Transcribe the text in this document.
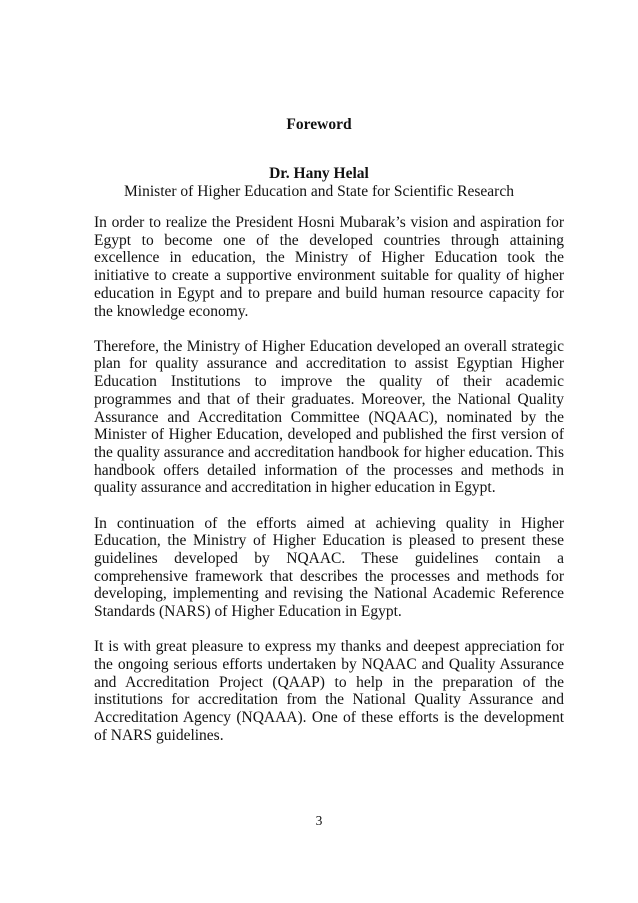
Foreword
Dr. Hany Helal
Minister of Higher Education and State for Scientific Research

In order to realize the President Hosni Mubarak’s vision and aspiration for Egypt to become one of the developed countries through attaining excellence in education, the Ministry of Higher Education took the initiative to create a supportive environment suitable for quality of higher education in Egypt and to prepare and build human resource capacity for the knowledge economy.

Therefore, the Ministry of Higher Education developed an overall strategic plan for quality assurance and accreditation to assist Egyptian Higher Education Institutions to improve the quality of their academic programmes and that of their graduates. Moreover, the National Quality Assurance and Accreditation Committee (NQAAC), nominated by the Minister of Higher Education, developed and published the first version of the quality assurance and accreditation handbook for higher education. This handbook offers detailed information of the processes and methods in quality assurance and accreditation in higher education in Egypt.

In continuation of the efforts aimed at achieving quality in Higher Education, the Ministry of Higher Education is pleased to present these guidelines developed by NQAAC. These guidelines contain a comprehensive framework that describes the processes and methods for developing, implementing and revising the National Academic Reference Standards (NARS) of Higher Education in Egypt.

It is with great pleasure to express my thanks and deepest appreciation for the ongoing serious efforts undertaken by NQAAC and Quality Assurance and Accreditation Project (QAAP) to help in the preparation of the institutions for accreditation from the National Quality Assurance and Accreditation Agency (NQAAA). One of these efforts is the development of NARS guidelines.

3
